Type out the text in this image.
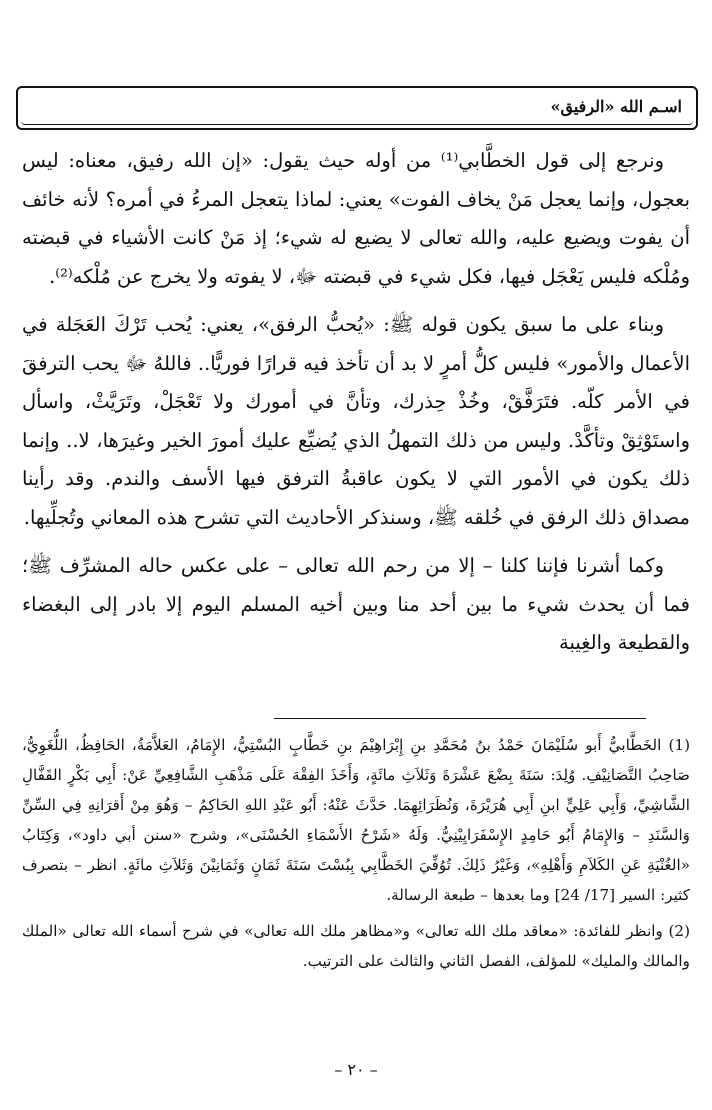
اسـم الله «الرفيق»

ونرجع إلى قول الخطَّابي⁽¹⁾ من أوله حيث يقول: «إن الله رفيق، معناه: ليس بعجول، وإنما يعجل مَنْ يخاف الفوت» يعني: لماذا يتعجل المرءُ في أمره؟ لأنه خائف أن يفوت ويضيع عليه، والله تعالى لا يضيع له شيء؛ إذ مَنْ كانت الأشياء في قبضته ومُلْكه فليس يَعْجَل فيها، فكل شيء في قبضته ﷻ، لا يفوته ولا يخرج عن مُلْكه⁽²⁾.

وبناء على ما سبق يكون قوله ﷺ: «يُحبُّ الرفق»، يعني: يُحب تَرْكَ العَجَلة في الأعمال والأمور» فليس كلُّ أمرٍ لا بد أن تأخذ فيه قرارًا فوريًّا.. فاللهُ ﷻ يحب الترفقَ في الأمر كلّه. فتَرَفَّقْ، وخُذْ حِذرك، وتأنَّ في أمورك ولا تَعْجَلْ، وتَرَيَّثْ، واسأل واستَوْثِقْ وتأكَّدْ. وليس من ذلك التمهلُ الذي يُضيِّع عليك أمورَ الخير وغيرَها، لا.. وإنما ذلك يكون في الأمور التي لا يكون عاقبةُ الترفق فيها الأسف والندم. وقد رأينا مصداق ذلك الرفق في خُلقه ﷺ، وسنذكر الأحاديث التي تشرح هذه المعاني وتُجلِّيها.

وكما أشرنا فإننا كلنا – إلا من رحم الله تعالى – على عكس حاله المشرِّف ﷺ؛ فما أن يحدث شيء ما بين أحد منا وبين أخيه المسلم اليوم إلا بادر إلى البغضاء والقطيعة والغِيبة

(1) الخَطَّابيُّ أَبو سُلَيْمَانَ حَمْدُ بنُ مُحَمَّدِ بنِ إِبْرَاهِيْمَ بنِ خَطَّابٍ البُسْتِيُّ، الإِمَامُ، العَلاَّمَةُ، الحَافِظُ، اللُّغَوِيُّ، صَاحِبُ التَّصَانِيْفِ. وُلِدَ: سَنَةَ بِضْعَ عَشْرَةَ وَثَلاَثِ مائَةٍ، وَأَخَذَ الفِقْهَ عَلَى مَذْهَبِ الشَّافِعِيِّ عَنْ: أَبِي بَكْرٍ القَفَّالِ الشَّاشِيِّ، وَأَبِي عَلِيٍّ ابنِ أَبِي هُرَيْرَةَ، وَنُظَرَائِهِمَا. حَدَّثَ عَنْهُ: أَبُو عَبْدِ اللهِ الحَاكِمُ – وَهُوَ مِنْ أَقرَانِهِ فِي السِّنِّ وَالسَّنَدِ – وَالإِمَامُ أَبُو حَامِدٍ الإِسْفَرَايِيْنِيُّ. وَلَهُ «شَرْحُ الأَسْمَاءِ الحُسْنَى»، وشرح «سنن أبي داود»، وَكِتَابُ «الغُنْيَةِ عَنِ الكَلاَمِ وَأَهْلِهِ»، وَغَيْرُ ذَلِكَ. تُوُفِّيَ الخَطَّابِي بِبُسْتَ سَنَةَ ثَمَانٍ وَثَمَانِيْنَ وَثَلاَثِ مائَةٍ. انظر – بتصرف كثير: السير [17/ 24] وما بعدها – طبعة الرسالة.
(2) وانظر للفائدة: «معاقد ملك الله تعالى» و«مظاهر ملك الله تعالى» في شرح أسماء الله تعالى «الملك والمالك والمليك» للمؤلف، الفصل الثاني والثالث على الترتيب.
– ٢٠ –
